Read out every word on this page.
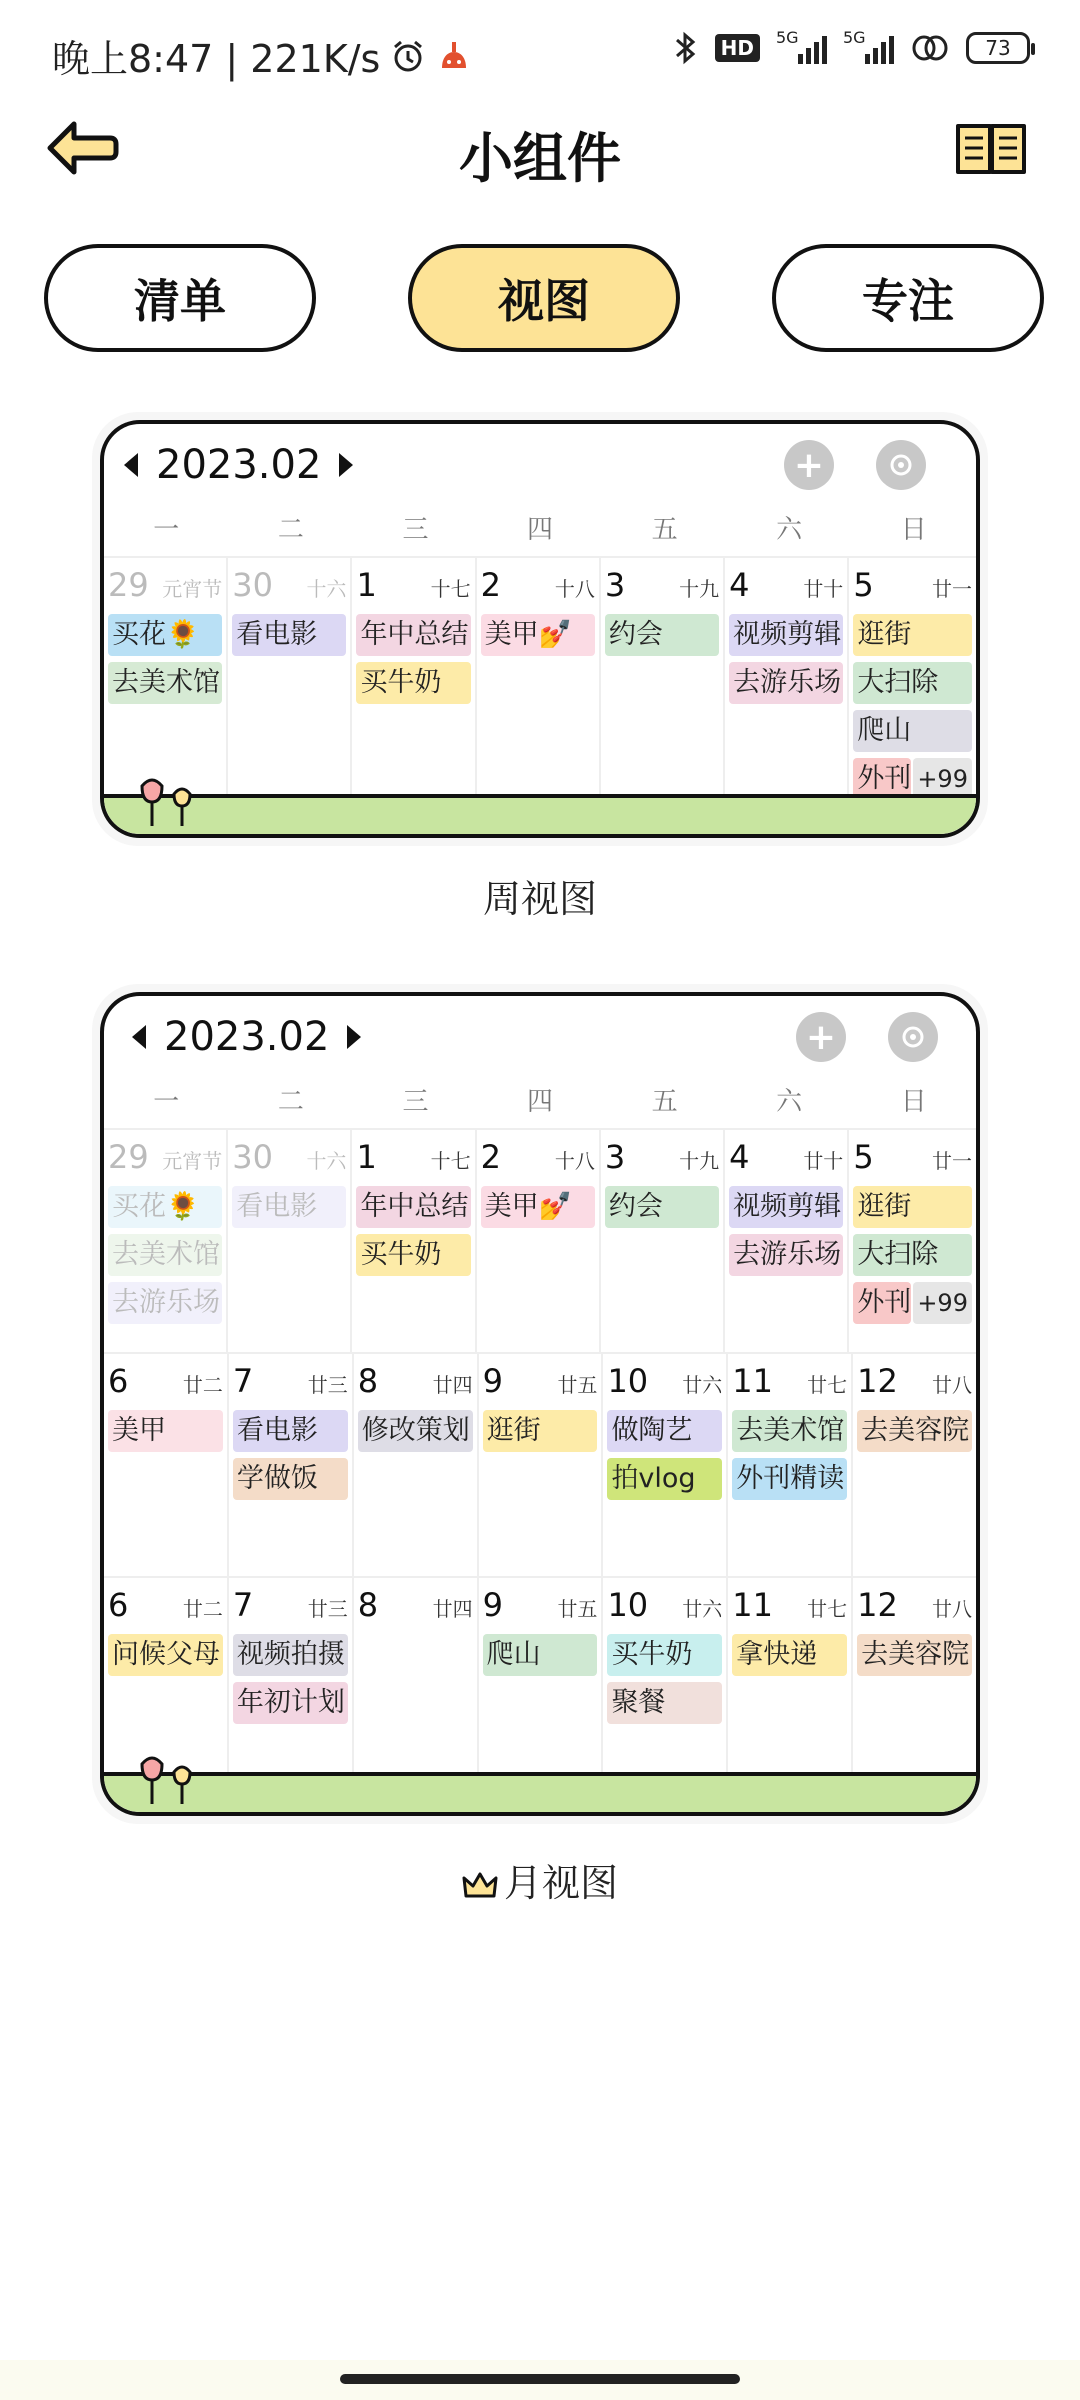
晚上8:47 | 221K/s	HD	5G	5G	73
小组件
清单	视图	专注
2023.02	+
一	二	三	四	五	六	日
29 元宵节
买花🌻
去美术馆
30 十六
看电影
1	十七
年中总结
买牛奶
2	十八
美甲💅
3	十九
约会
4	廿十
视频剪辑
去游乐场
5	廿一
逛街
大扫除
爬山
外刊 +99
周视图
2023.02	+
一	二	三	四	五	六	日
29 元宵节
买花🌻
去美术馆
去游乐场
30 十六
看电影
1	十七
年中总结
买牛奶
2	十八
美甲💅
3	十九
约会
4	廿十
视频剪辑
去游乐场
5	廿一
逛街
大扫除
外刊 +99
6	廿二
美甲
7	廿三
看电影
学做饭
8	廿四
修改策划
9	廿五
逛街
10 廿六
做陶艺
拍vlog
11 廿七
去美术馆
外刊精读
12 廿八
去美容院
6	廿二
问候父母
7	廿三
视频拍摄
年初计划
8	廿四 9	廿五
爬山
10 廿六
买牛奶
聚餐
11 廿七
拿快递
12 廿八
去美容院
月视图
